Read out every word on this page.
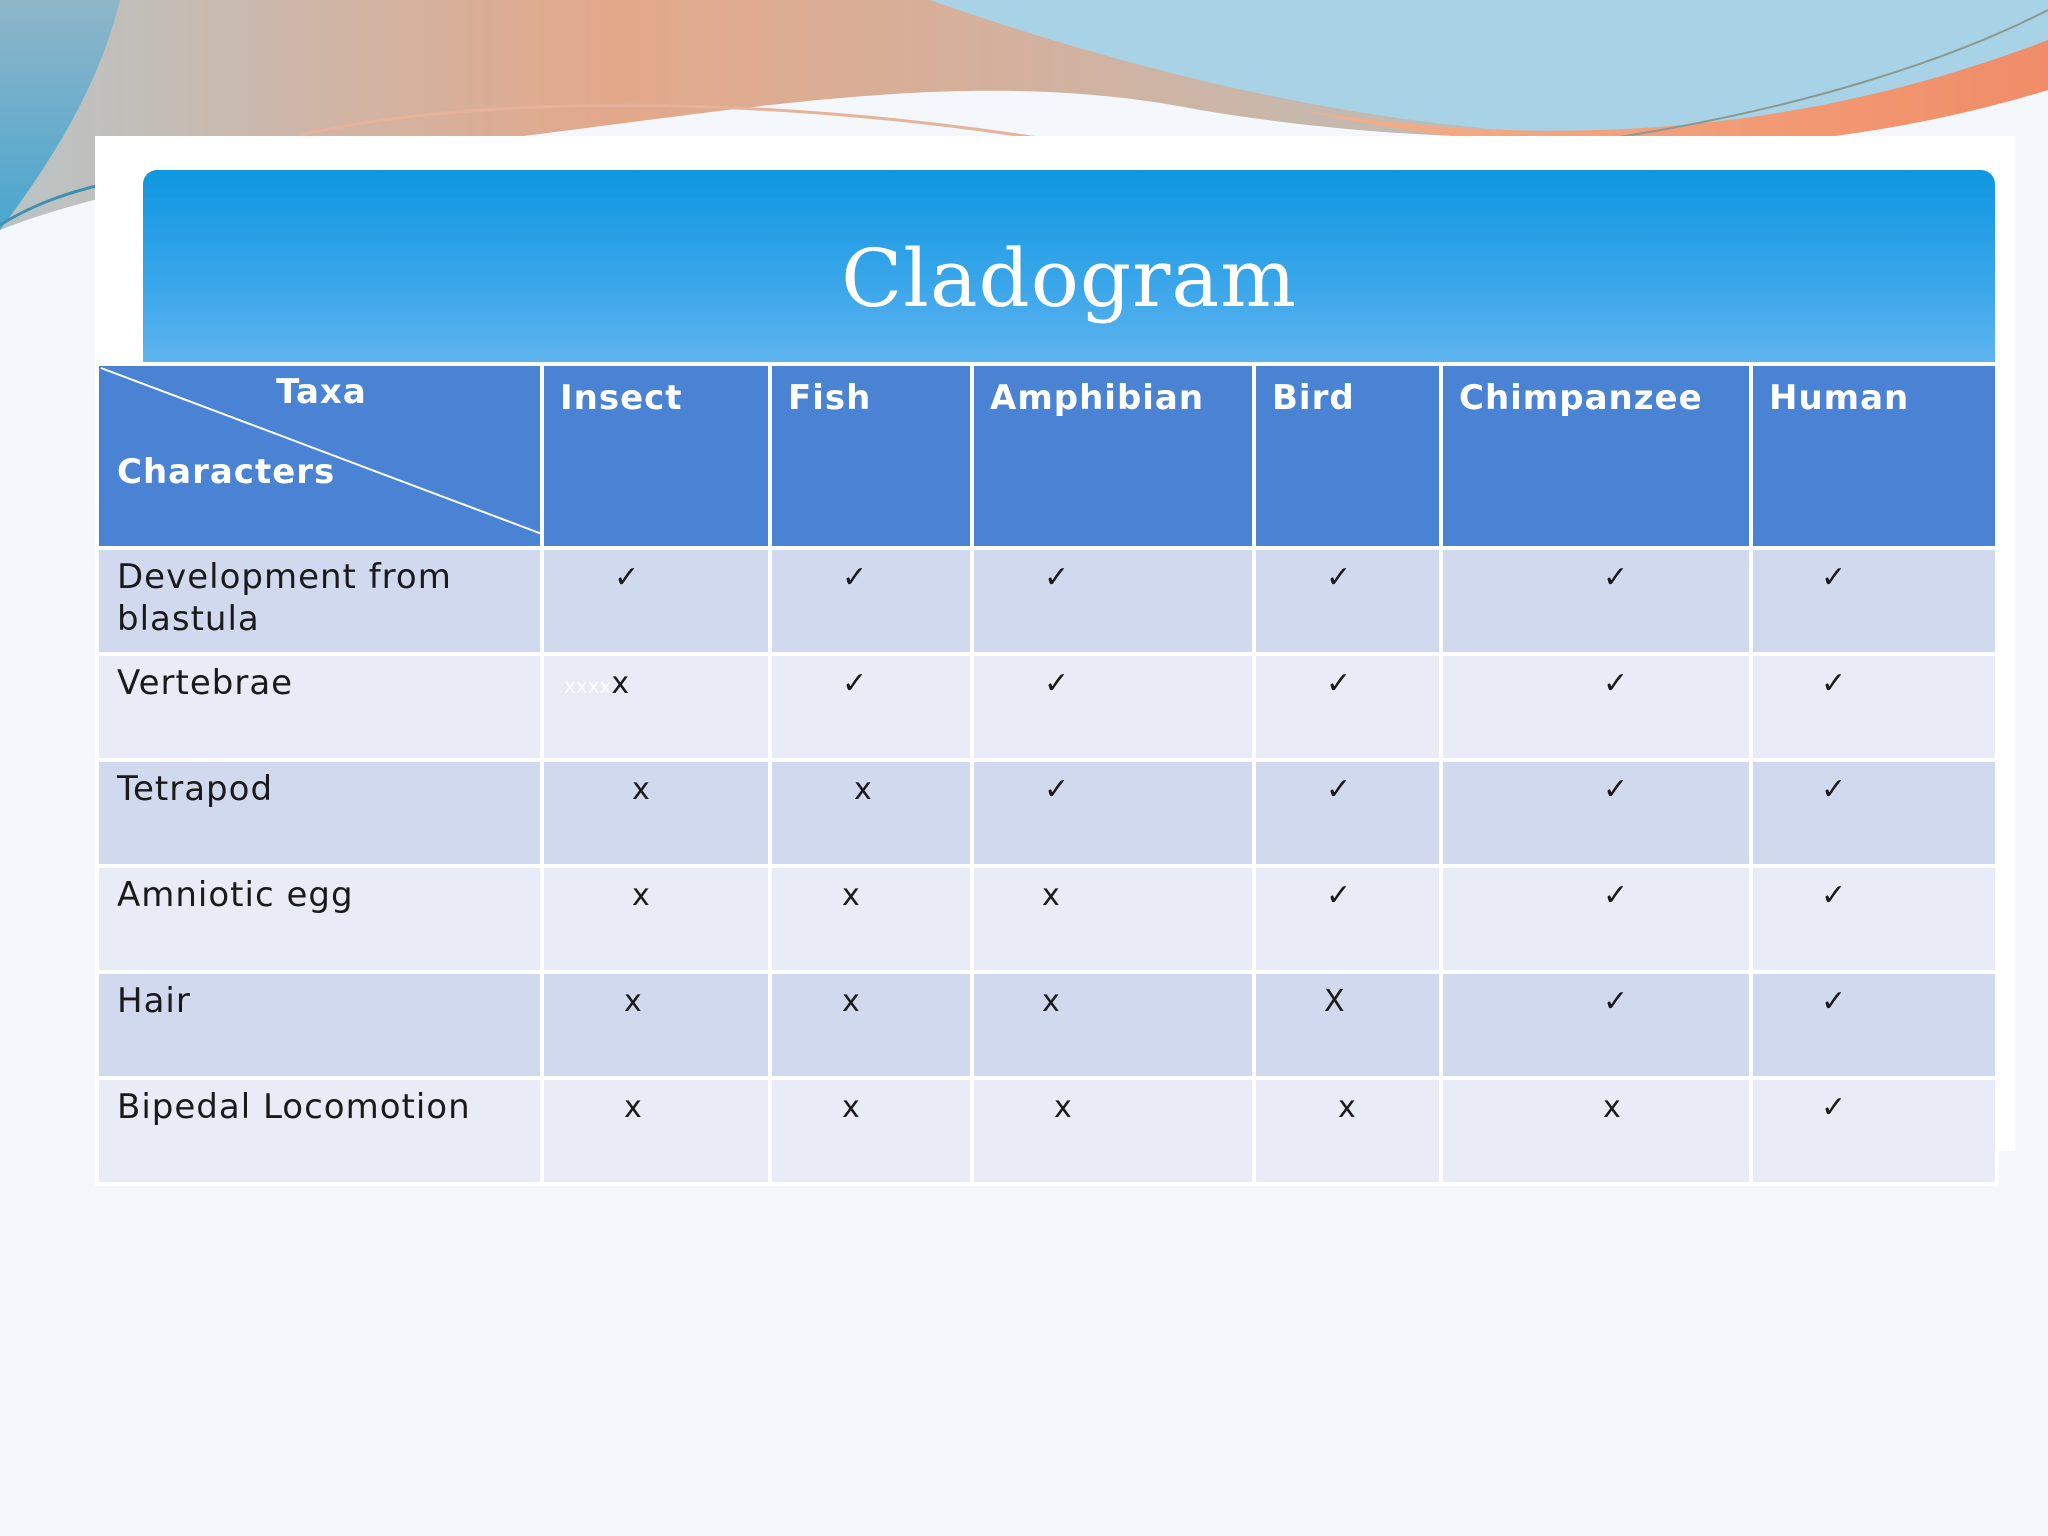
Cladogram
Taxa
Characters	Insect	Fish	Amphibian	Bird	Chimpanzee	Human
Development from blastula	✓	✓	✓	✓	✓	✓
Vertebrae	xxxxx	✓	✓	✓	✓	✓
Tetrapod	x	x	✓	✓	✓	✓
Amniotic egg	x	x	x	✓	✓	✓
Hair	x	x	x	X	✓	✓
Bipedal Locomotion	x	x	x	x	x	✓
